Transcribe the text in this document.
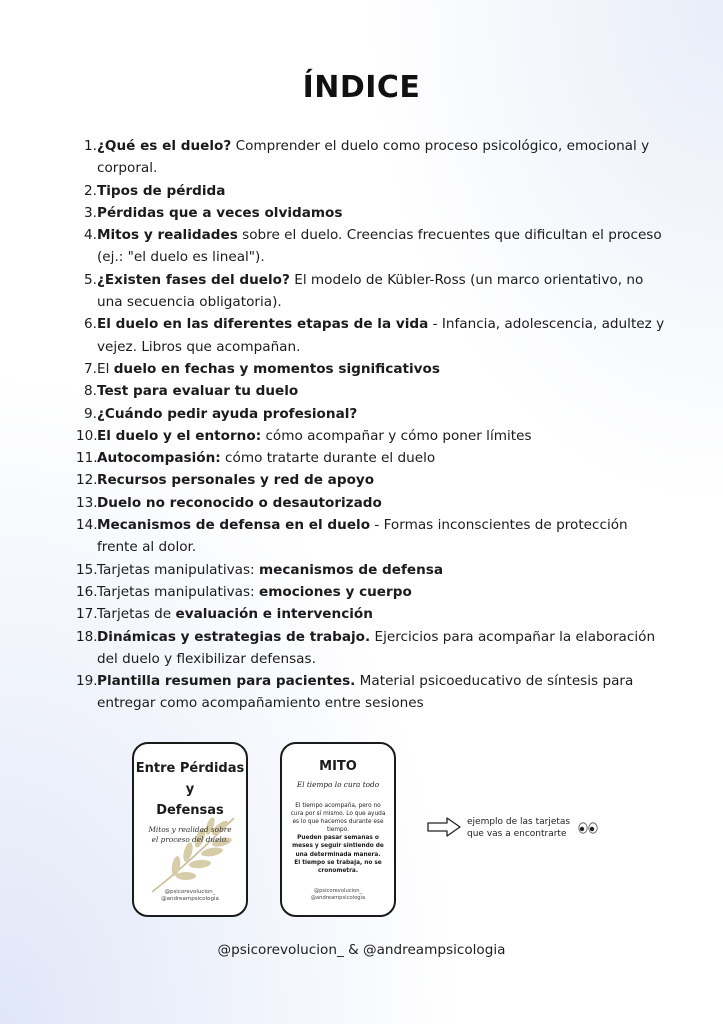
ÍNDICE
1. ¿Qué es el duelo? Comprender el duelo como proceso psicológico, emocional y corporal.
2. Tipos de pérdida
3. Pérdidas que a veces olvidamos
4. Mitos y realidades sobre el duelo. Creencias frecuentes que dificultan el proceso (ej.: "el duelo es lineal").
5. ¿Existen fases del duelo? El modelo de Kübler-Ross (un marco orientativo, no una secuencia obligatoria).
6. El duelo en las diferentes etapas de la vida - Infancia, adolescencia, adultez y vejez. Libros que acompañan.
7. El duelo en fechas y momentos significativos
8. Test para evaluar tu duelo
9. ¿Cuándo pedir ayuda profesional?
10. El duelo y el entorno: cómo acompañar y cómo poner límites
11. Autocompasión: cómo tratarte durante el duelo
12. Recursos personales y red de apoyo
13. Duelo no reconocido o desautorizado
14. Mecanismos de defensa en el duelo - Formas inconscientes de protección frente al dolor.
15. Tarjetas manipulativas: mecanismos de defensa
16. Tarjetas manipulativas: emociones y cuerpo
17. Tarjetas de evaluación e intervención
18. Dinámicas y estrategias de trabajo. Ejercicios para acompañar la elaboración del duelo y flexibilizar defensas.
19. Plantilla resumen para pacientes. Material psicoeducativo de síntesis para entregar como acompañamiento entre sesiones
Entre Pérdidas
y
Defensas
Mitos y realidad sobre el proceso del duelo.
@psicorevolucion_
@andreampsicologia
MITO
El tiempo lo cura todo
El tiempo acompaña, pero no cura por sí mismo. Lo que ayuda es lo que hacemos durante ese tiempo.
Pueden pasar semanas o meses y seguir sintiendo de una determinada manera.
El tiempo se trabaja, no se cronometra.
@psicorevolucion_
@andreampsicologia
ejemplo de las tarjetas
que vas a encontrarte
@psicorevolucion_ & @andreampsicologia
